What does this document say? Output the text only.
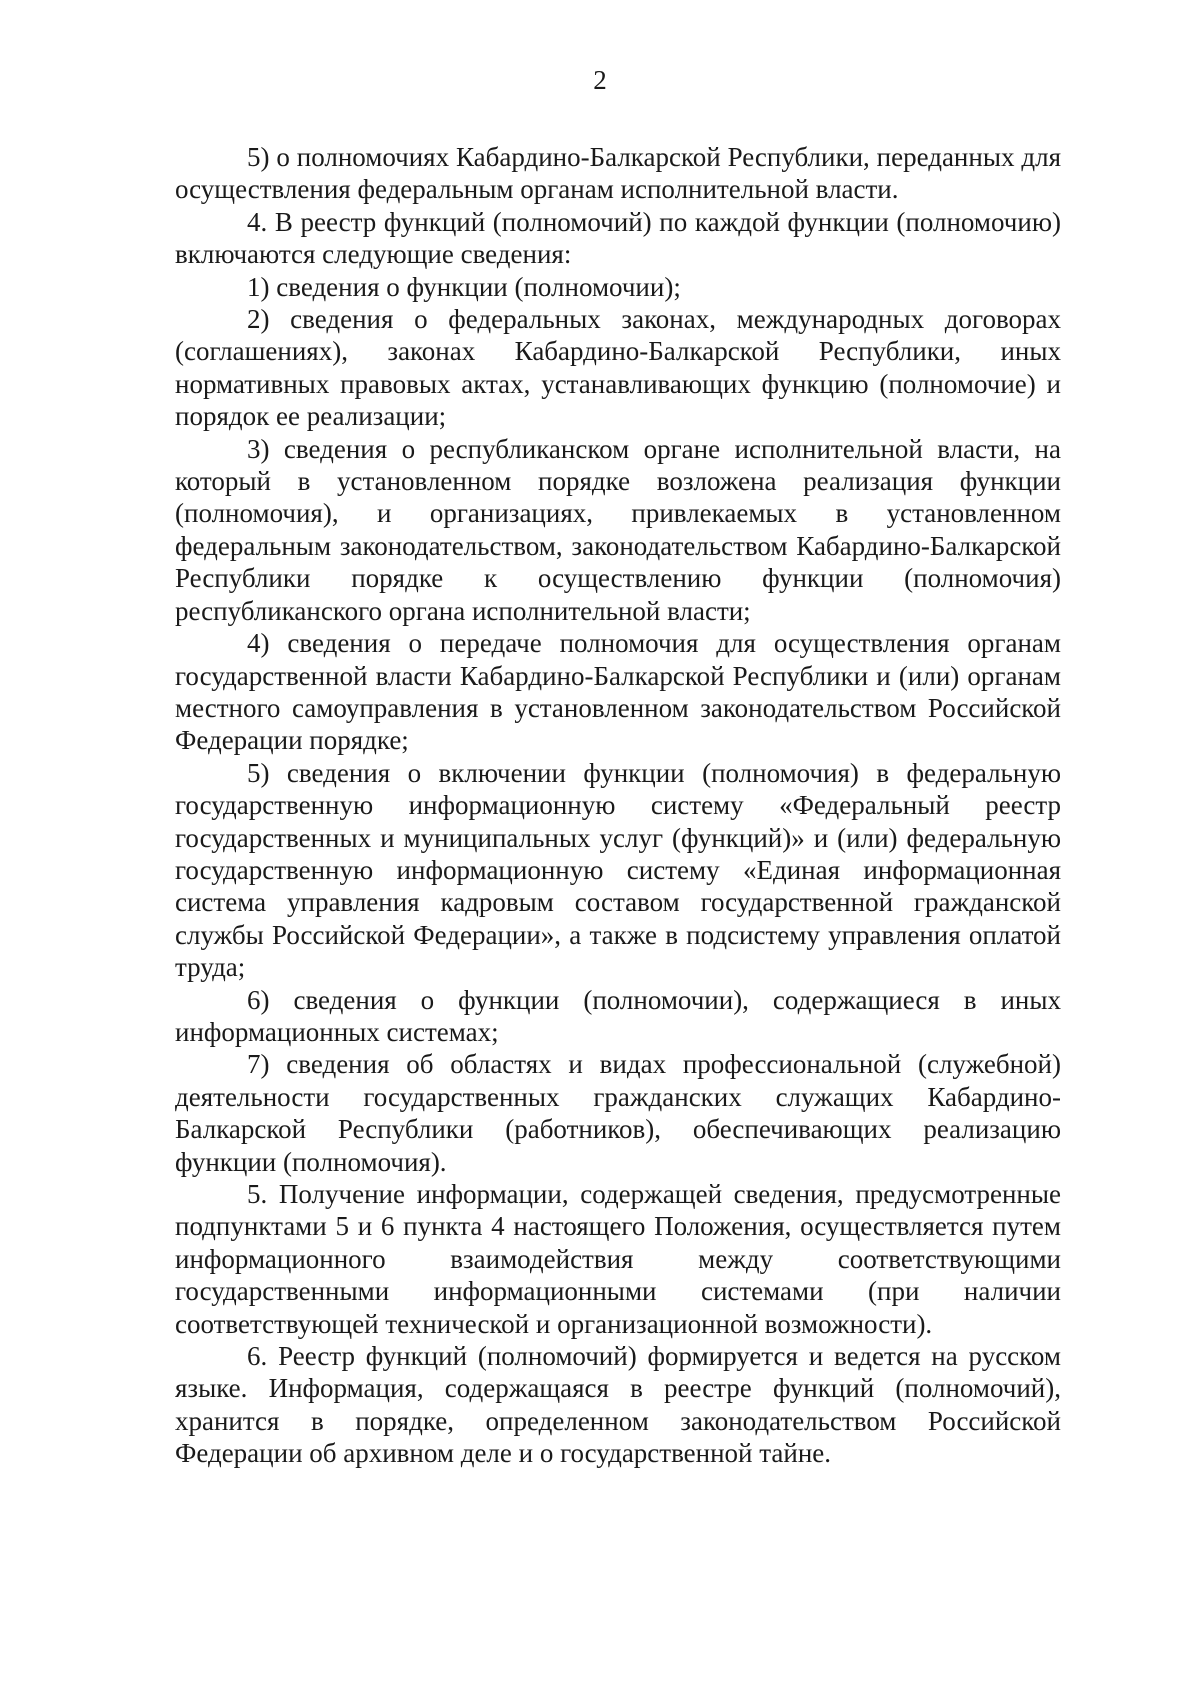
2

5) о полномочиях Кабардино-Балкарской Республики, переданных для осуществления федеральным органам исполнительной власти.

4. В реестр функций (полномочий) по каждой функции (полномочию) включаются следующие сведения:

1) сведения о функции (полномочии);

2) сведения о федеральных законах, международных договорах (соглашениях), законах Кабардино-Балкарской Республики, иных нормативных правовых актах, устанавливающих функцию (полномочие) и порядок ее реализации;

3) сведения о республиканском органе исполнительной власти, на который в установленном порядке возложена реализация функции (полномочия), и организациях, привлекаемых в установленном федеральным законодательством, законодательством Кабардино-Балкарской Республики порядке к осуществлению функции (полномочия) республиканского органа исполнительной власти;

4) сведения о передаче полномочия для осуществления органам государственной власти Кабардино-Балкарской Республики и (или) органам местного самоуправления в установленном законодательством Российской Федерации порядке;

5) сведения о включении функции (полномочия) в федеральную государственную информационную систему «Федеральный реестр государственных и муниципальных услуг (функций)» и (или) федеральную государственную информационную систему «Единая информационная система управления кадровым составом государственной гражданской службы Российской Федерации», а также в подсистему управления оплатой труда;

6) сведения о функции (полномочии), содержащиеся в иных информационных системах;

7) сведения об областях и видах профессиональной (служебной) деятельности государственных гражданских служащих Кабардино-Балкарской Республики (работников), обеспечивающих реализацию функции (полномочия).

5. Получение информации, содержащей сведения, предусмотренные подпунктами 5 и 6 пункта 4 настоящего Положения, осуществляется путем информационного взаимодействия между соответствующими государственными информационными системами (при наличии соответствующей технической и организационной возможности).

6. Реестр функций (полномочий) формируется и ведется на русском языке. Информация, содержащаяся в реестре функций (полномочий), хранится в порядке, определенном законодательством Российской Федерации об архивном деле и о государственной тайне.
